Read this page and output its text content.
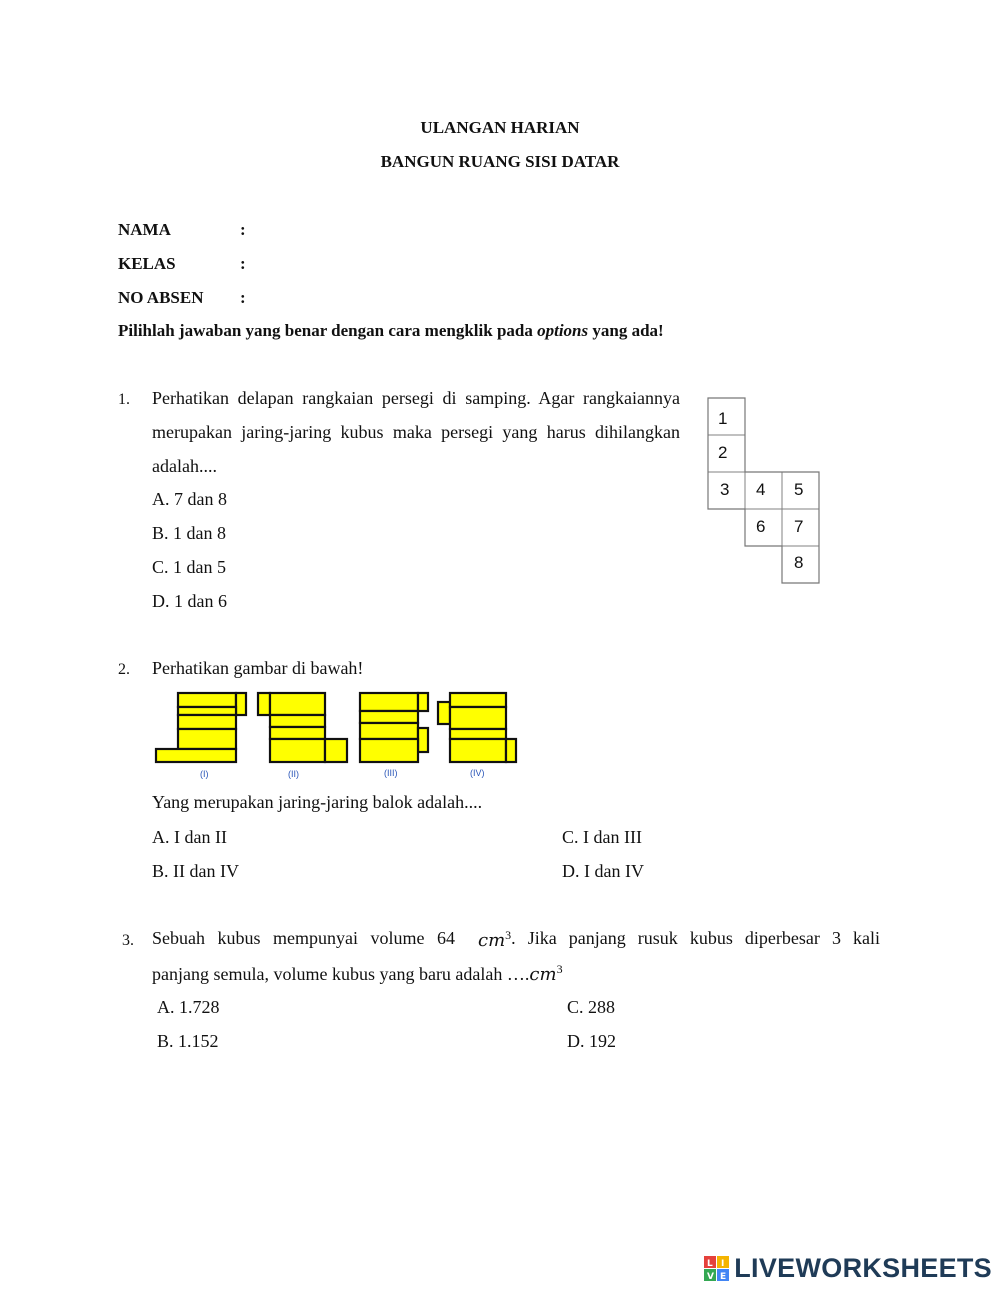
ULANGAN HARIAN
BANGUN RUANG SISI DATAR
NAMA	:
KELAS	:
NO ABSEN :
Pilihlah jawaban yang benar dengan cara mengklik pada options yang ada!
1. Perhatikan delapan rangkaian persegi di samping. Agar rangkaiannya merupakan jaring-jaring kubus maka persegi yang harus dihilangkan adalah....
A. 7 dan 8
B. 1 dan 8
C. 1 dan 5
D. 1 dan 6
1
2
3 4 5
6 7
8
2. Perhatikan gambar di bawah!
(I)	(II)	(III)	(IV)
Yang merupakan jaring-jaring balok adalah....
A. I dan II	C. I dan III
B. II dan IV	D. I dan IV
3. Sebuah kubus mempunyai volume 64 $cm^3$ . Jika panjang rusuk kubus diperbesar 3 kali
panjang semula, volume kubus yang baru adalah $\dots.cm^3$
A. 1.728	C. 288
B. 1.152	D. 192
L I
V E LIVEWORKSHEETS
